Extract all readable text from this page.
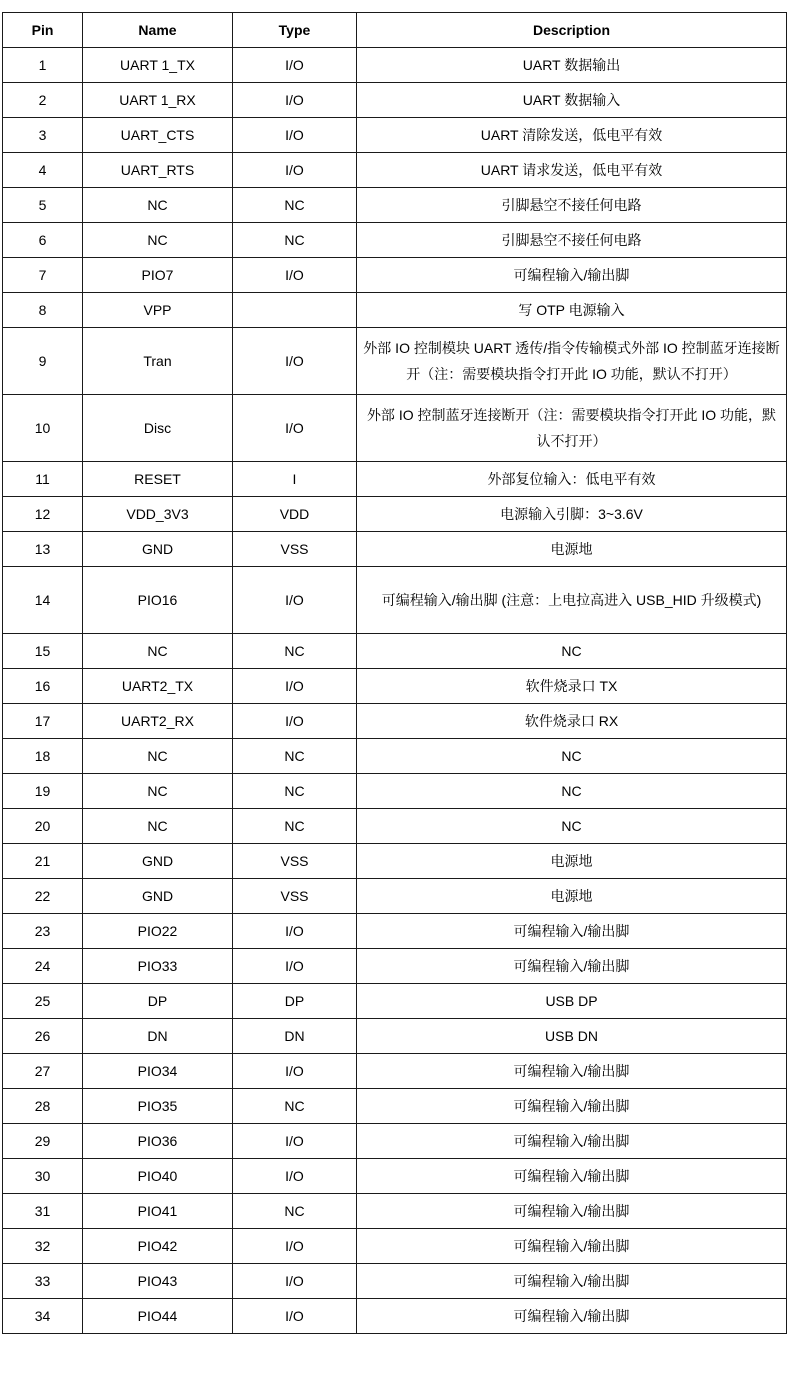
Pin	Name	Type	Description
1	UART 1_TX	I/O	UART 数据输出
2	UART 1_RX	I/O	UART 数据输入
3	UART_CTS	I/O	UART 清除发送，低电平有效
4	UART_RTS	I/O	UART 请求发送，低电平有效
5	NC	NC	引脚悬空不接任何电路
6	NC	NC	引脚悬空不接任何电路
7	PIO7	I/O	可编程输入/输出脚
8	VPP		写 OTP 电源输入
9	Tran	I/O	外部 IO 控制模块 UART 透传/指令传输模式外部 IO 控制蓝牙连接断开（注：需要模块指令打开此 IO 功能，默认不打开）
10	Disc	I/O	外部 IO 控制蓝牙连接断开（注：需要模块指令打开此 IO 功能，默认不打开）
11	RESET	I	外部复位输入：低电平有效
12	VDD_3V3	VDD	电源输入引脚：3~3.6V
13	GND	VSS	电源地
14	PIO16	I/O	可编程输入/输出脚 (注意：上电拉高进入 USB_HID 升级模式)
15	NC	NC	NC
16	UART2_TX	I/O	软件烧录口 TX
17	UART2_RX	I/O	软件烧录口 RX
18	NC	NC	NC
19	NC	NC	NC
20	NC	NC	NC
21	GND	VSS	电源地
22	GND	VSS	电源地
23	PIO22	I/O	可编程输入/输出脚
24	PIO33	I/O	可编程输入/输出脚
25	DP	DP	USB DP
26	DN	DN	USB DN
27	PIO34	I/O	可编程输入/输出脚
28	PIO35	NC	可编程输入/输出脚
29	PIO36	I/O	可编程输入/输出脚
30	PIO40	I/O	可编程输入/输出脚
31	PIO41	NC	可编程输入/输出脚
32	PIO42	I/O	可编程输入/输出脚
33	PIO43	I/O	可编程输入/输出脚
34	PIO44	I/O	可编程输入/输出脚
